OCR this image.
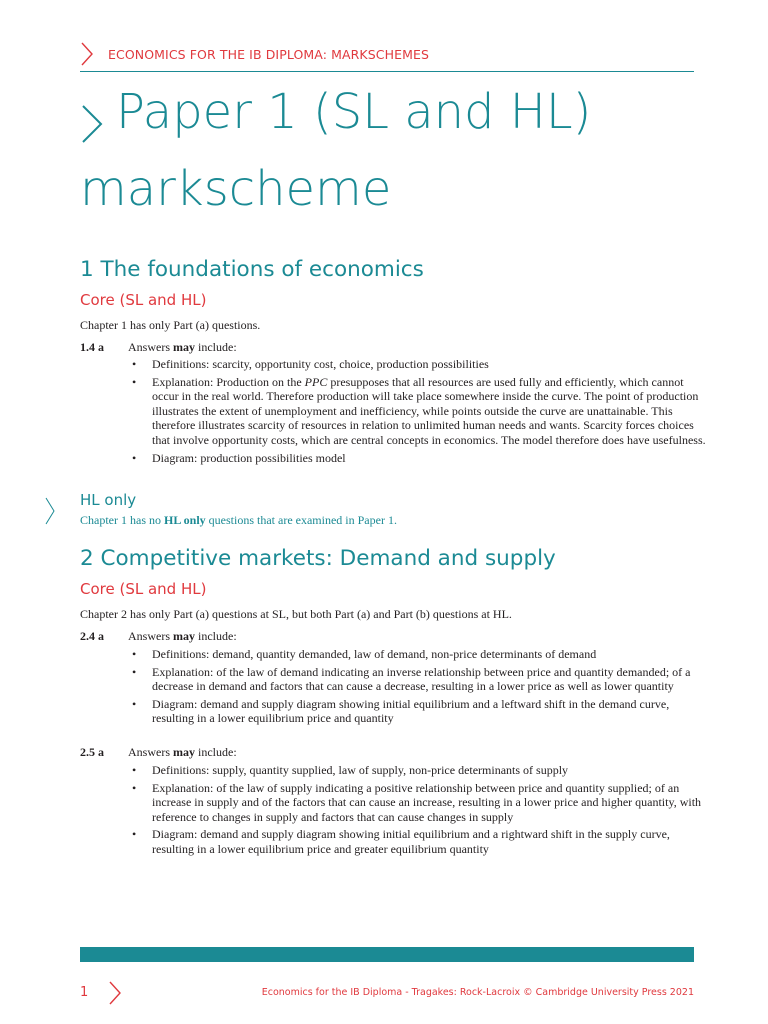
ECONOMICS FOR THE IB DIPLOMA: MARKSCHEMES
Paper 1 (SL and HL)
markscheme
1 The foundations of economics
Core (SL and HL)
Chapter 1 has only Part (a) questions.
1.4 a Answers may include:
• Definitions: scarcity, opportunity cost, choice, production possibilities
• Explanation: Production on the PPC presupposes that all resources are used fully and efficiently, which cannot occur in the real world. Therefore production will take place somewhere inside the curve. The point of production illustrates the extent of unemployment and inefficiency, while points outside the curve are unattainable. This therefore illustrates scarcity of resources in relation to unlimited human needs and wants. Scarcity forces choices that involve opportunity costs, which are central concepts in economics. The model therefore does have usefulness.
• Diagram: production possibilities model
HL only
Chapter 1 has no HL only questions that are examined in Paper 1.
2 Competitive markets: Demand and supply
Core (SL and HL)
Chapter 2 has only Part (a) questions at SL, but both Part (a) and Part (b) questions at HL.
2.4 a Answers may include:
• Definitions: demand, quantity demanded, law of demand, non-price determinants of demand
• Explanation: of the law of demand indicating an inverse relationship between price and quantity demanded; of a decrease in demand and factors that can cause a decrease, resulting in a lower price as well as lower quantity
• Diagram: demand and supply diagram showing initial equilibrium and a leftward shift in the demand curve, resulting in a lower equilibrium price and quantity
2.5 a Answers may include:
• Definitions: supply, quantity supplied, law of supply, non-price determinants of supply
• Explanation: of the law of supply indicating a positive relationship between price and quantity supplied; of an increase in supply and of the factors that can cause an increase, resulting in a lower price and higher quantity, with reference to changes in supply and factors that can cause changes in supply
• Diagram: demand and supply diagram showing initial equilibrium and a rightward shift in the supply curve, resulting in a lower equilibrium price and greater equilibrium quantity
1	Economics for the IB Diploma - Tragakes: Rock-Lacroix © Cambridge University Press 2021
